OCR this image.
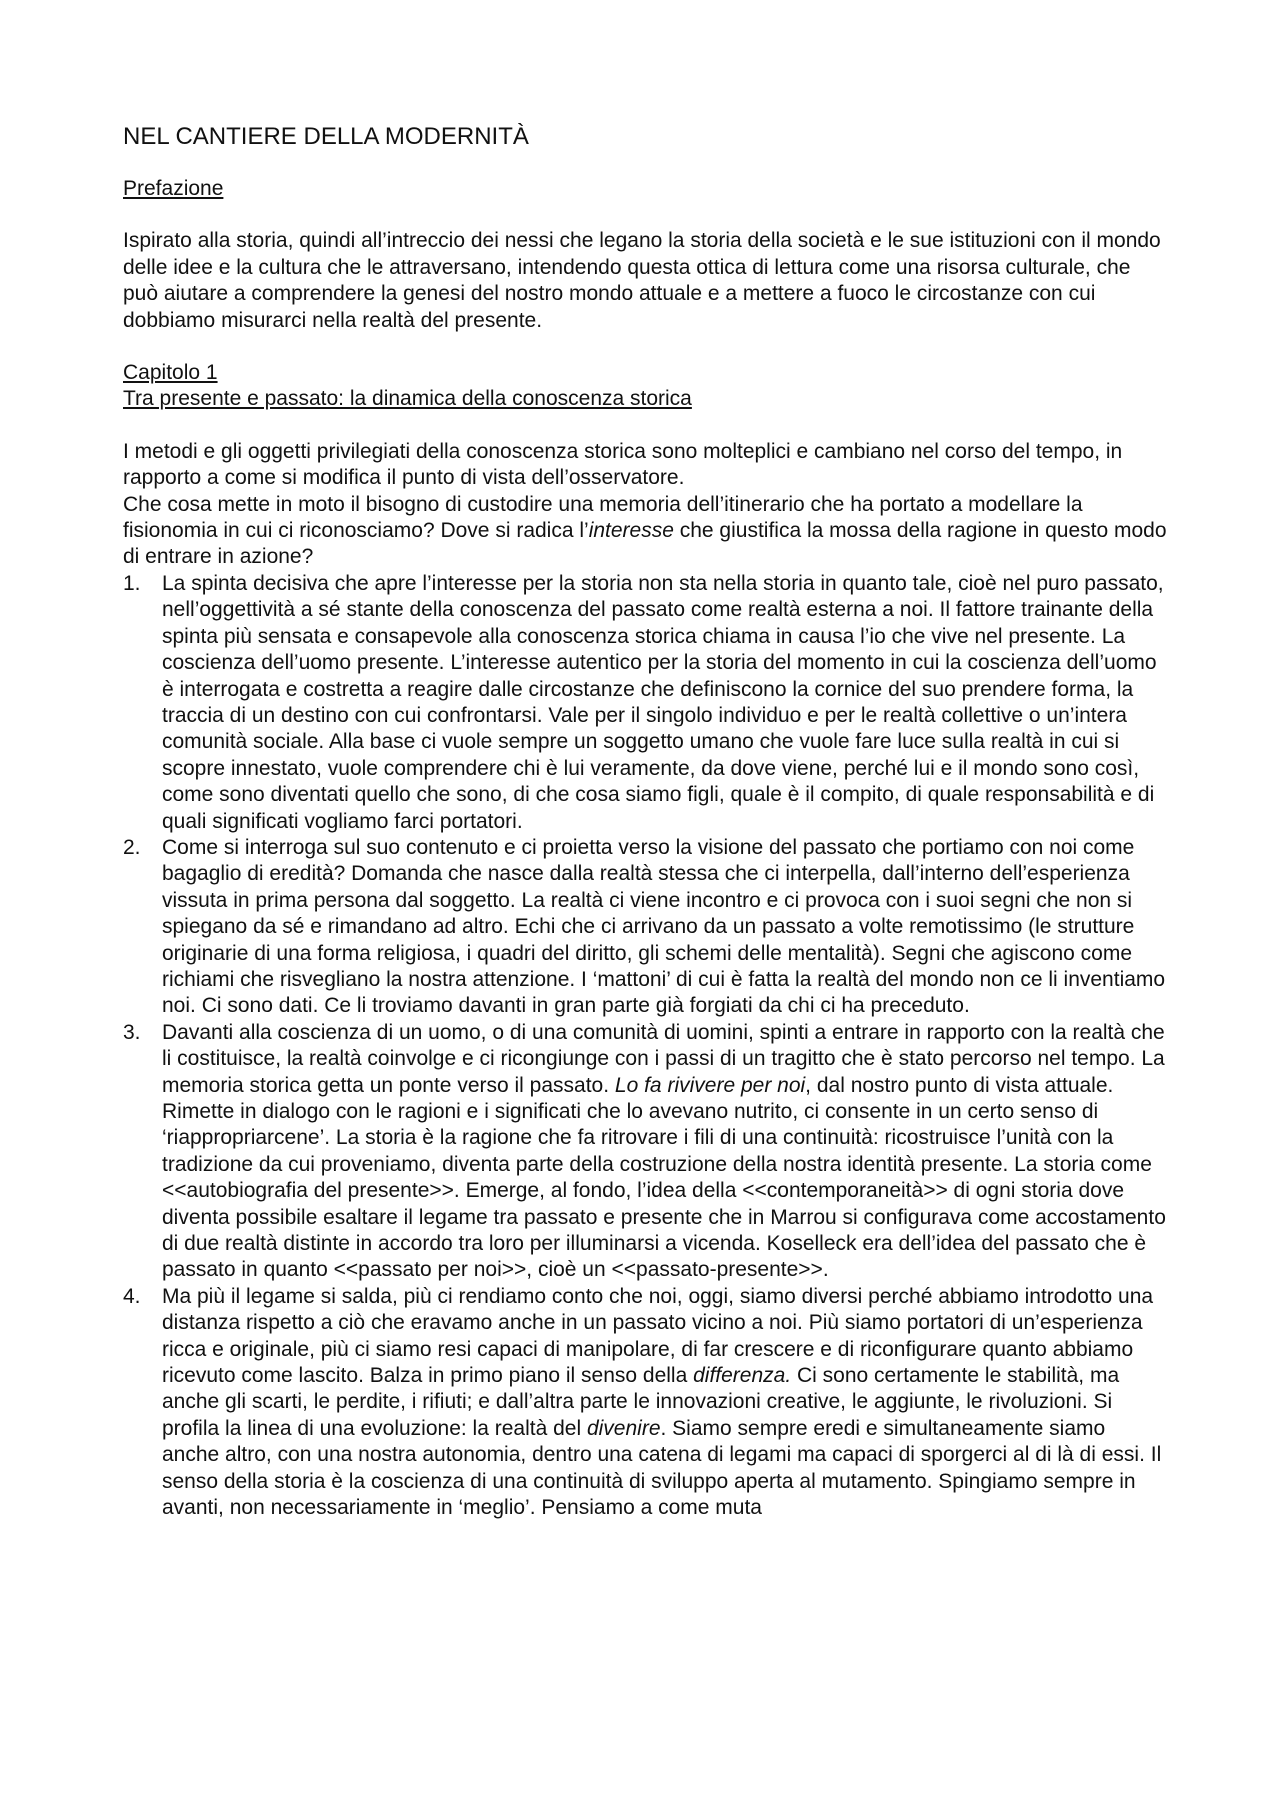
NEL CANTIERE DELLA MODERNITÀ

Prefazione

Ispirato alla storia, quindi all’intreccio dei nessi che legano la storia della società e le sue istituzioni con il mondo delle idee e la cultura che le attraversano, intendendo questa ottica di lettura come una risorsa culturale, che può aiutare a comprendere la genesi del nostro mondo attuale e a mettere a fuoco le circostanze con cui dobbiamo misurarci nella realtà del presente.

Capitolo 1

Tra presente e passato: la dinamica della conoscenza storica

I metodi e gli oggetti privilegiati della conoscenza storica sono molteplici e cambiano nel corso del tempo, in rapporto a come si modifica il punto di vista dell’osservatore.

Che cosa mette in moto il bisogno di custodire una memoria dell’itinerario che ha portato a modellare la fisionomia in cui ci riconosciamo? Dove si radica l’interesse che giustifica la mossa della ragione in questo modo di entrare in azione?

1. La spinta decisiva che apre l’interesse per la storia non sta nella storia in quanto tale, cioè nel puro passato, nell’oggettività a sé stante della conoscenza del passato come realtà esterna a noi. Il fattore trainante della spinta più sensata e consapevole alla conoscenza storica chiama in causa l’io che vive nel presente. La coscienza dell’uomo presente. L’interesse autentico per la storia del momento in cui la coscienza dell’uomo è interrogata e costretta a reagire dalle circostanze che definiscono la cornice del suo prendere forma, la traccia di un destino con cui confrontarsi. Vale per il singolo individuo e per le realtà collettive o un’intera comunità sociale. Alla base ci vuole sempre un soggetto umano che vuole fare luce sulla realtà in cui si scopre innestato, vuole comprendere chi è lui veramente, da dove viene, perché lui e il mondo sono così, come sono diventati quello che sono, di che cosa siamo figli, quale è il compito, di quale responsabilità e di quali significati vogliamo farci portatori.
2. Come si interroga sul suo contenuto e ci proietta verso la visione del passato che portiamo con noi come bagaglio di eredità? Domanda che nasce dalla realtà stessa che ci interpella, dall’interno dell’esperienza vissuta in prima persona dal soggetto. La realtà ci viene incontro e ci provoca con i suoi segni che non si spiegano da sé e rimandano ad altro. Echi che ci arrivano da un passato a volte remotissimo (le strutture originarie di una forma religiosa, i quadri del diritto, gli schemi delle mentalità). Segni che agiscono come richiami che risvegliano la nostra attenzione. I ‘mattoni’ di cui è fatta la realtà del mondo non ce li inventiamo noi. Ci sono dati. Ce li troviamo davanti in gran parte già forgiati da chi ci ha preceduto.
3. Davanti alla coscienza di un uomo, o di una comunità di uomini, spinti a entrare in rapporto con la realtà che li costituisce, la realtà coinvolge e ci ricongiunge con i passi di un tragitto che è stato percorso nel tempo. La memoria storica getta un ponte verso il passato. Lo fa rivivere per noi, dal nostro punto di vista attuale. Rimette in dialogo con le ragioni e i significati che lo avevano nutrito, ci consente in un certo senso di ‘riappropriarcene’. La storia è la ragione che fa ritrovare i fili di una continuità: ricostruisce l’unità con la tradizione da cui proveniamo, diventa parte della costruzione della nostra identità presente. La storia come <<autobiografia del presente>>. Emerge, al fondo, l’idea della <<contemporaneità>> di ogni storia dove diventa possibile esaltare il legame tra passato e presente che in Marrou si configurava come accostamento di due realtà distinte in accordo tra loro per illuminarsi a vicenda. Koselleck era dell’idea del passato che è passato in quanto <<passato per noi>>, cioè un <<passato-presente>>.
4. Ma più il legame si salda, più ci rendiamo conto che noi, oggi, siamo diversi perché abbiamo introdotto una distanza rispetto a ciò che eravamo anche in un passato vicino a noi. Più siamo portatori di un’esperienza ricca e originale, più ci siamo resi capaci di manipolare, di far crescere e di riconfigurare quanto abbiamo ricevuto come lascito. Balza in primo piano il senso della differenza. Ci sono certamente le stabilità, ma anche gli scarti, le perdite, i rifiuti; e dall’altra parte le innovazioni creative, le aggiunte, le rivoluzioni. Si profila la linea di una evoluzione: la realtà del divenire. Siamo sempre eredi e simultaneamente siamo anche altro, con una nostra autonomia, dentro una catena di legami ma capaci di sporgerci al di là di essi. Il senso della storia è la coscienza di una continuità di sviluppo aperta al mutamento. Spingiamo sempre in avanti, non necessariamente in ‘meglio’. Pensiamo a come muta
